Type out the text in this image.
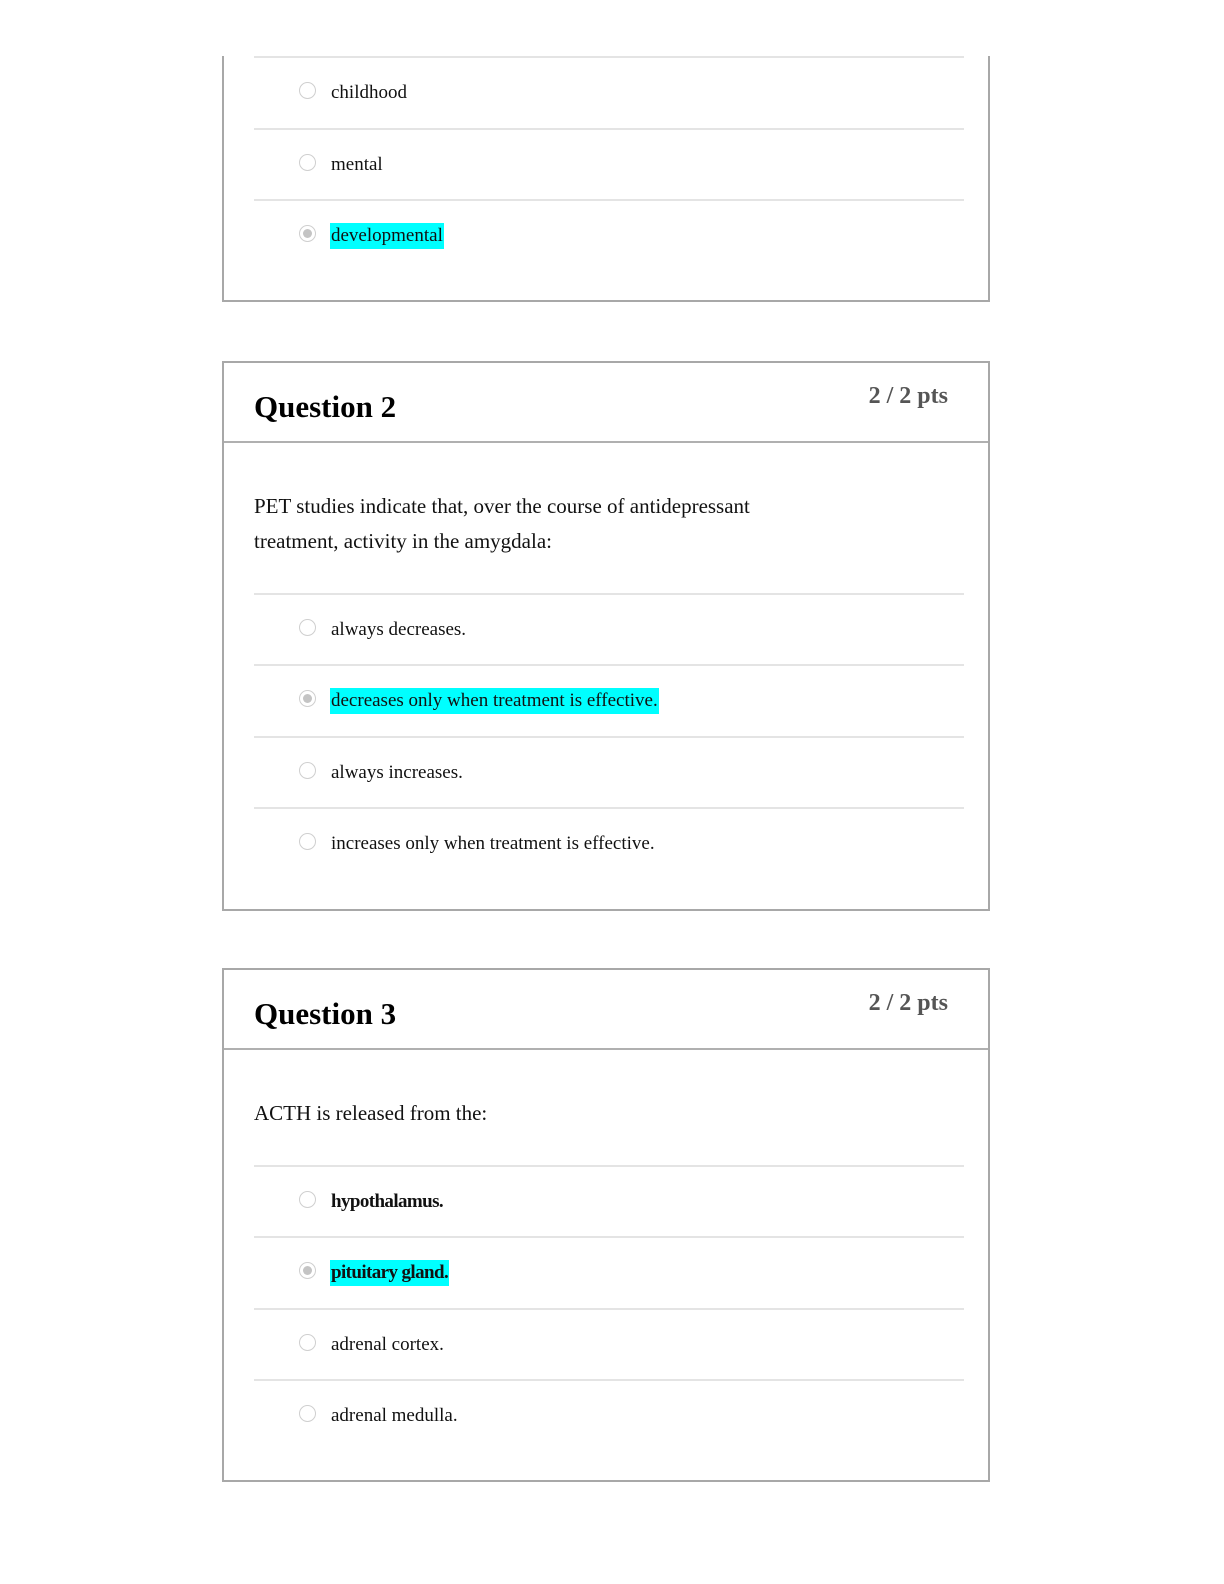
childhood
mental
developmental
Question 2	2 / 2 pts
PET studies indicate that, over the course of antidepressant treatment, activity in the amygdala:
always decreases.
decreases only when treatment is effective.
always increases.
increases only when treatment is effective.
Question 3	2 / 2 pts
ACTH is released from the:
hypothalamus.
pituitary gland.
adrenal cortex.
adrenal medulla.
